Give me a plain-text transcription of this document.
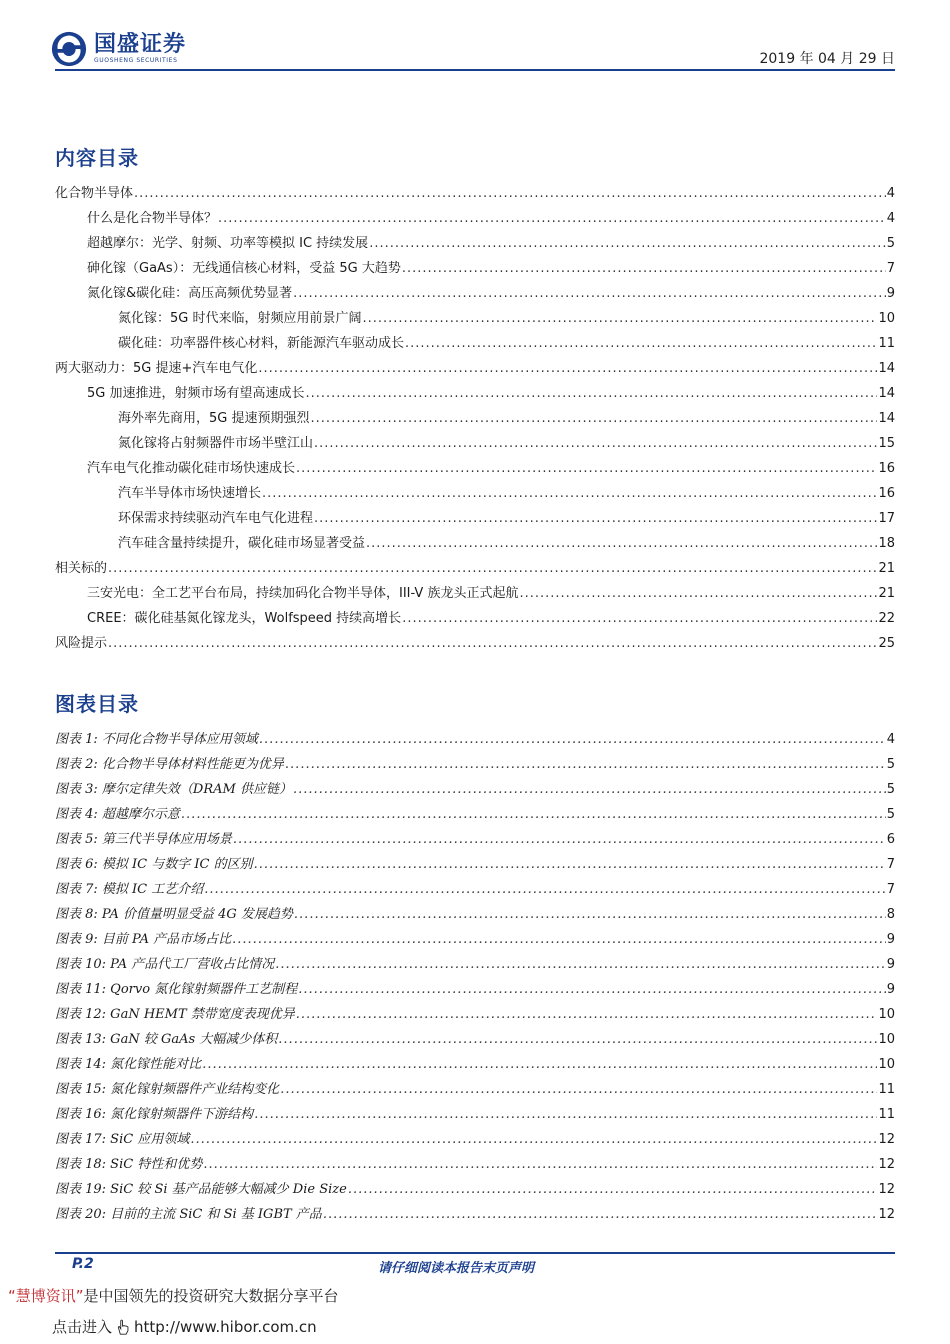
国盛证券
GUOSHENG SECURITIES	2019 年 04 月 29 日
内容目录
化合物半导体 .....	4
什么是化合物半导体？ .....	4
超越摩尔：光学、射频、功率等模拟 IC 持续发展 .....	5
砷化镓（GaAs）：无线通信核心材料，受益 5G 大趋势 .....	7
氮化镓&碳化硅：高压高频优势显著 .....	9
氮化镓：5G 时代来临，射频应用前景广阔 .....	10
碳化硅：功率器件核心材料，新能源汽车驱动成长 .....	11
两大驱动力：5G 提速+汽车电气化 .....	14
5G 加速推进，射频市场有望高速成长 .....	14
海外率先商用，5G 提速预期强烈 .....	14
氮化镓将占射频器件市场半壁江山 .....	15
汽车电气化推动碳化硅市场快速成长 .....	16
汽车半导体市场快速增长 .....	16
环保需求持续驱动汽车电气化进程 .....	17
汽车硅含量持续提升，碳化硅市场显著受益 .....	18
相关标的 .....	21
三安光电：全工艺平台布局，持续加码化合物半导体，III-V 族龙头正式起航 .....	21
CREE：碳化硅基氮化镓龙头，Wolfspeed 持续高增长 .....	22
风险提示 .....	25
图表目录
图表 1: 不同化合物半导体应用领域 .....	4
图表 2: 化合物半导体材料性能更为优异 .....	5
图表 3: 摩尔定律失效（DRAM 供应链） .....	5
图表 4: 超越摩尔示意 .....	5
图表 5: 第三代半导体应用场景 .....	6
图表 6: 模拟 IC 与数字 IC 的区别 .....	7
图表 7: 模拟 IC 工艺介绍 .....	7
图表 8: PA 价值量明显受益 4G 发展趋势 .....	8
图表 9: 目前 PA 产品市场占比 .....	9
图表 10: PA 产品代工厂营收占比情况 .....	9
图表 11: Qorvo 氮化镓射频器件工艺制程 .....	9
图表 12: GaN HEMT 禁带宽度表现优异 .....	10
图表 13: GaN 较 GaAs 大幅减少体积 .....	10
图表 14: 氮化镓性能对比 .....	10
图表 15: 氮化镓射频器件产业结构变化 .....	11
图表 16: 氮化镓射频器件下游结构 .....	11
图表 17: SiC 应用领域 .....	12
图表 18: SiC 特性和优势 .....	12
图表 19: SiC 较 Si 基产品能够大幅减少 Die Size .....	12
图表 20: 目前的主流 SiC 和 Si 基 IGBT 产品 .....	12
P.2	请仔细阅读本报告末页声明
“慧博资讯”是中国领先的投资研究大数据分享平台
点击进入 http://www.hibor.com.cn
